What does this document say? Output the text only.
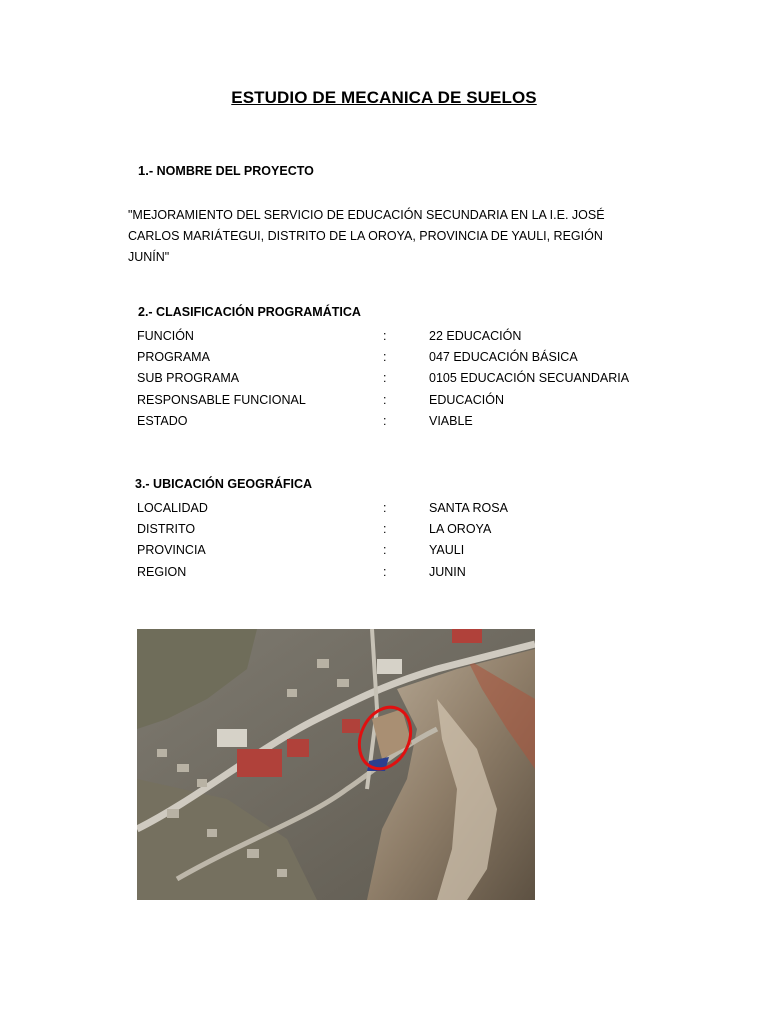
ESTUDIO DE MECANICA DE SUELOS
1.- NOMBRE DEL PROYECTO
"MEJORAMIENTO DEL SERVICIO DE EDUCACIÓN SECUNDARIA EN LA I.E. JOSÉ
CARLOS MARIÁTEGUI, DISTRITO DE LA OROYA, PROVINCIA DE YAULI, REGIÓN
JUNÍN"
2.- CLASIFICACIÓN PROGRAMÁTICA
FUNCIÓN	:	22 EDUCACIÓN
PROGRAMA	:	047 EDUCACIÓN BÁSICA
SUB PROGRAMA	:	0105 EDUCACIÓN SECUANDARIA
RESPONSABLE FUNCIONAL	:	EDUCACIÓN
ESTADO	:	VIABLE
3.- UBICACIÓN GEOGRÁFICA
LOCALIDAD	:	SANTA ROSA
DISTRITO	:	LA OROYA
PROVINCIA	:	YAULI
REGION	:	JUNIN
